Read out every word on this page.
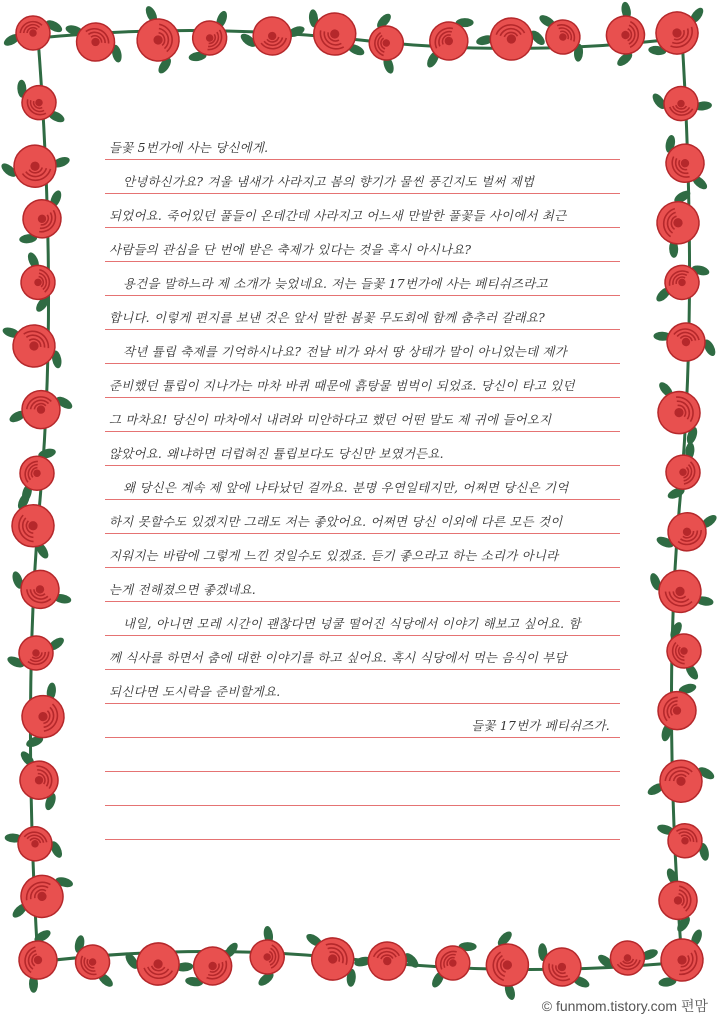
들꽃 5번가에 사는 당신에게.
안녕하신가요? 겨울 냄새가 사라지고 봄의 향기가 물씬 풍긴지도 벌써 제법
되었어요. 죽어있던 풀들이 온데간데 사라지고 어느새 만발한 풀꽃들 사이에서 최근
사람들의 관심을 단 번에 받은 축제가 있다는 것을 혹시 아시나요?
용건을 말하느라 제 소개가 늦었네요. 저는 들꽃 17번가에 사는 페티쉬즈라고
합니다. 이렇게 편지를 보낸 것은 앞서 말한 봄꽃 무도회에 함께 춤추러 갈래요?
작년 튤립 축제를 기억하시나요? 전날 비가 와서 땅 상태가 말이 아니었는데 제가
준비했던 튤립이 지나가는 마차 바퀴 때문에 흙탕물 범벅이 되었죠. 당신이 타고 있던
그 마차요! 당신이 마차에서 내려와 미안하다고 했던 어떤 말도 제 귀에 들어오지
않았어요. 왜냐하면 더럽혀진 튤립보다도 당신만 보였거든요.
왜 당신은 계속 제 앞에 나타났던 걸까요. 분명 우연일테지만, 어쩌면 당신은 기억
하지 못할수도 있겠지만 그래도 저는 좋았어요. 어쩌면 당신 이외에 다른 모든 것이
지워지는 바람에 그렇게 느낀 것일수도 있겠죠. 듣기 좋으라고 하는 소리가 아니라
는게 전해졌으면 좋겠네요.
내일, 아니면 모레 시간이 괜찮다면 넝쿨 떨어진 식당에서 이야기 해보고 싶어요. 함
께 식사를 하면서 춤에 대한 이야기를 하고 싶어요. 혹시 식당에서 먹는 음식이 부담
되신다면 도시락을 준비할게요.
들꽃 17번가 페티쉬즈가.
© funmom.tistory.com 편맘
